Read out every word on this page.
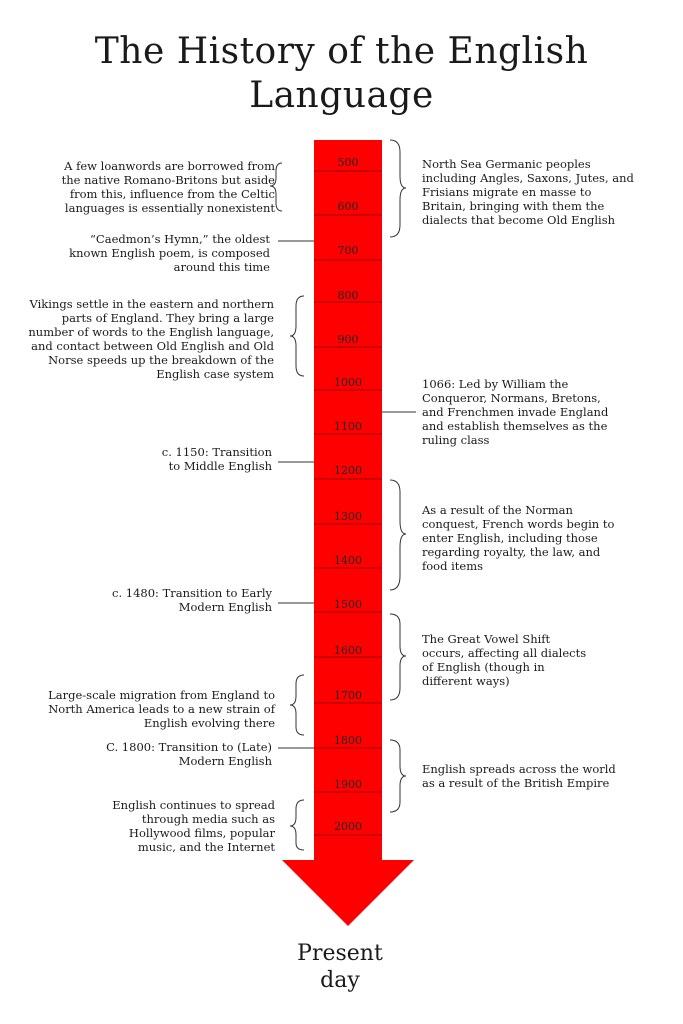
The History of the English
Language
500
600
700
800
900
1000
1100
1200
1300
1400
1500
1600
1700
1800
1900
2000
A few loanwords are borrowed from
the native Romano-Britons but aside
from this, influence from the Celtic
languages is essentially nonexistent
“Caedmon’s Hymn,” the oldest
known English poem, is composed
around this time
Vikings settle in the eastern and northern
parts of England. They bring a large
number of words to the English language,
and contact between Old English and Old
Norse speeds up the breakdown of the
English case system
c. 1150: Transition
to Middle English
c. 1480: Transition to Early
Modern English
Large-scale migration from England to
North America leads to a new strain of
English evolving there
C. 1800: Transition to (Late)
Modern English
English continues to spread
through media such as
Hollywood films, popular
music, and the Internet
North Sea Germanic peoples
including Angles, Saxons, Jutes, and
Frisians migrate en masse to
Britain, bringing with them the
dialects that become Old English
1066: Led by William the
Conqueror, Normans, Bretons,
and Frenchmen invade England
and establish themselves as the
ruling class
As a result of the Norman
conquest, French words begin to
enter English, including those
regarding royalty, the law, and
food items
The Great Vowel Shift
occurs, affecting all dialects
of English (though in
different ways)
English spreads across the world
as a result of the British Empire
Present
day
